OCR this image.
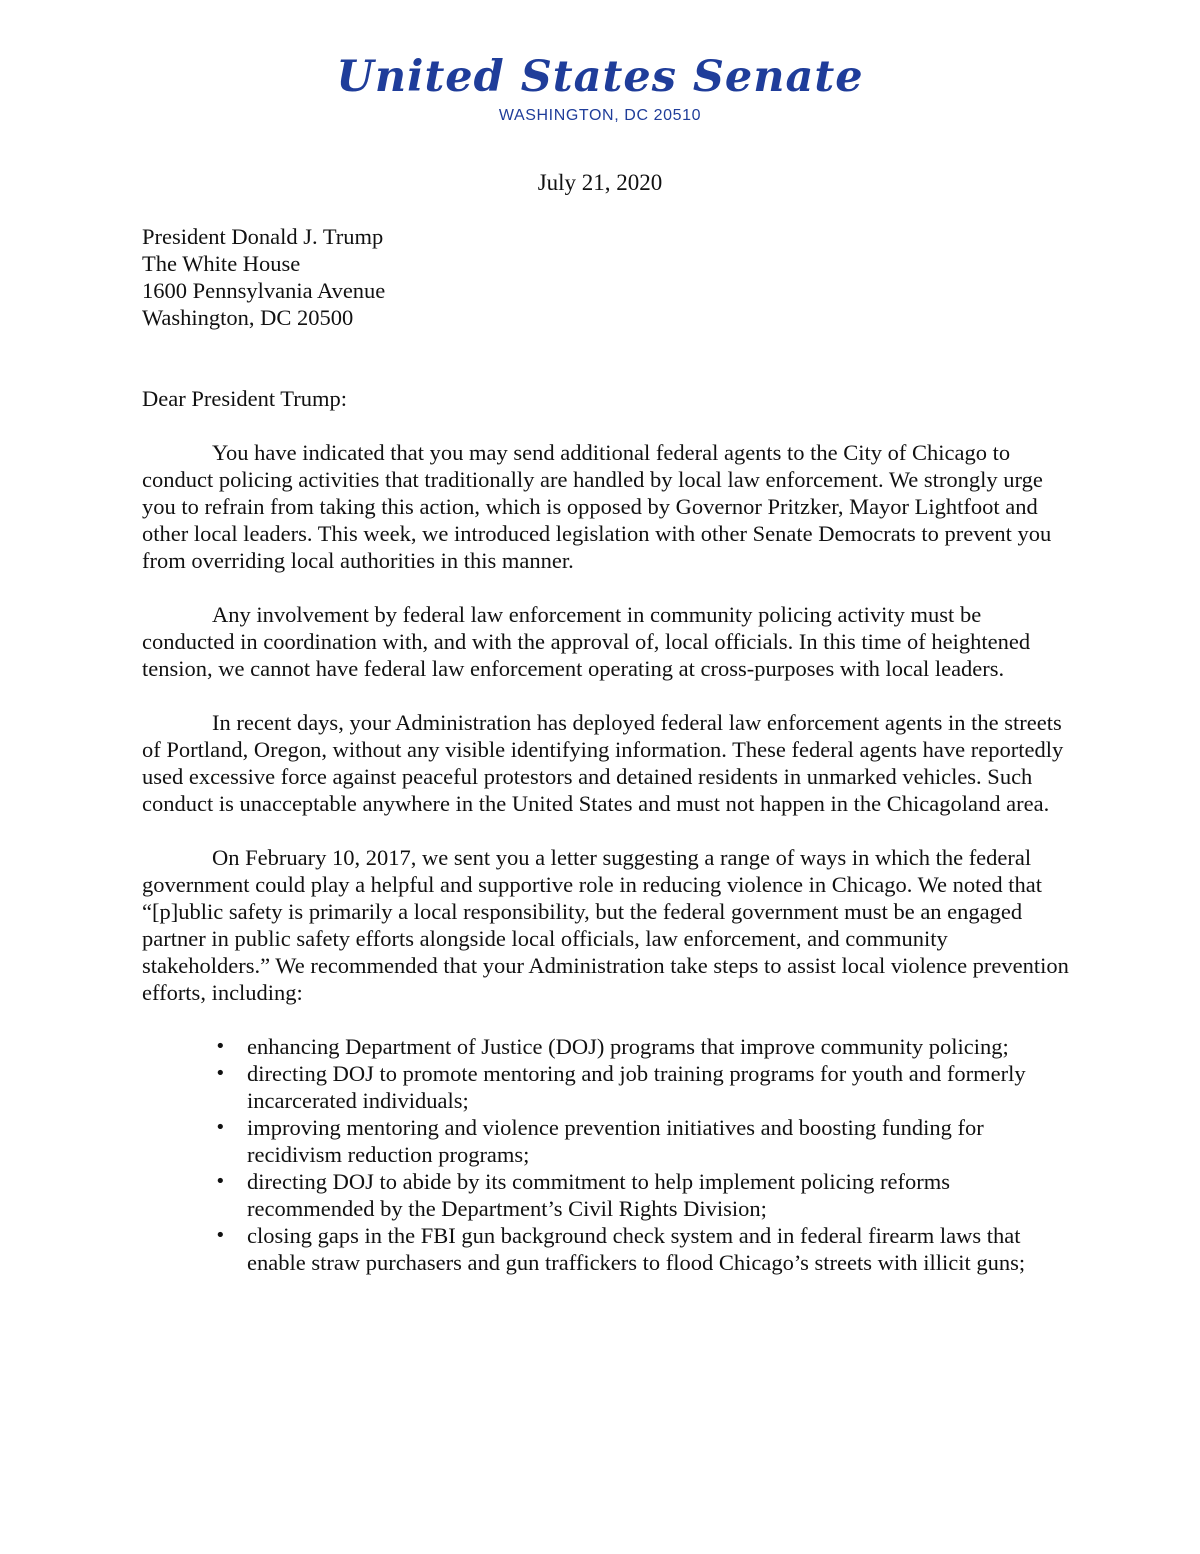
United States Senate
WASHINGTON, DC 20510
July 21, 2020
President Donald J. Trump
The White House
1600 Pennsylvania Avenue
Washington, DC 20500
Dear President Trump:

You have indicated that you may send additional federal agents to the City of Chicago to conduct policing activities that traditionally are handled by local law enforcement. We strongly urge you to refrain from taking this action, which is opposed by Governor Pritzker, Mayor Lightfoot and other local leaders. This week, we introduced legislation with other Senate Democrats to prevent you from overriding local authorities in this manner.

Any involvement by federal law enforcement in community policing activity must be conducted in coordination with, and with the approval of, local officials. In this time of heightened tension, we cannot have federal law enforcement operating at cross-purposes with local leaders.

In recent days, your Administration has deployed federal law enforcement agents in the streets of Portland, Oregon, without any visible identifying information. These federal agents have reportedly used excessive force against peaceful protestors and detained residents in unmarked vehicles. Such conduct is unacceptable anywhere in the United States and must not happen in the Chicagoland area.

On February 10, 2017, we sent you a letter suggesting a range of ways in which the federal government could play a helpful and supportive role in reducing violence in Chicago. We noted that “[p]ublic safety is primarily a local responsibility, but the federal government must be an engaged partner in public safety efforts alongside local officials, law enforcement, and community stakeholders.” We recommended that your Administration take steps to assist local violence prevention efforts, including:

• enhancing Department of Justice (DOJ) programs that improve community policing;
• directing DOJ to promote mentoring and job training programs for youth and formerly incarcerated individuals;
• improving mentoring and violence prevention initiatives and boosting funding for recidivism reduction programs;
• directing DOJ to abide by its commitment to help implement policing reforms recommended by the Department’s Civil Rights Division;
• closing gaps in the FBI gun background check system and in federal firearm laws that enable straw purchasers and gun traffickers to flood Chicago’s streets with illicit guns;
